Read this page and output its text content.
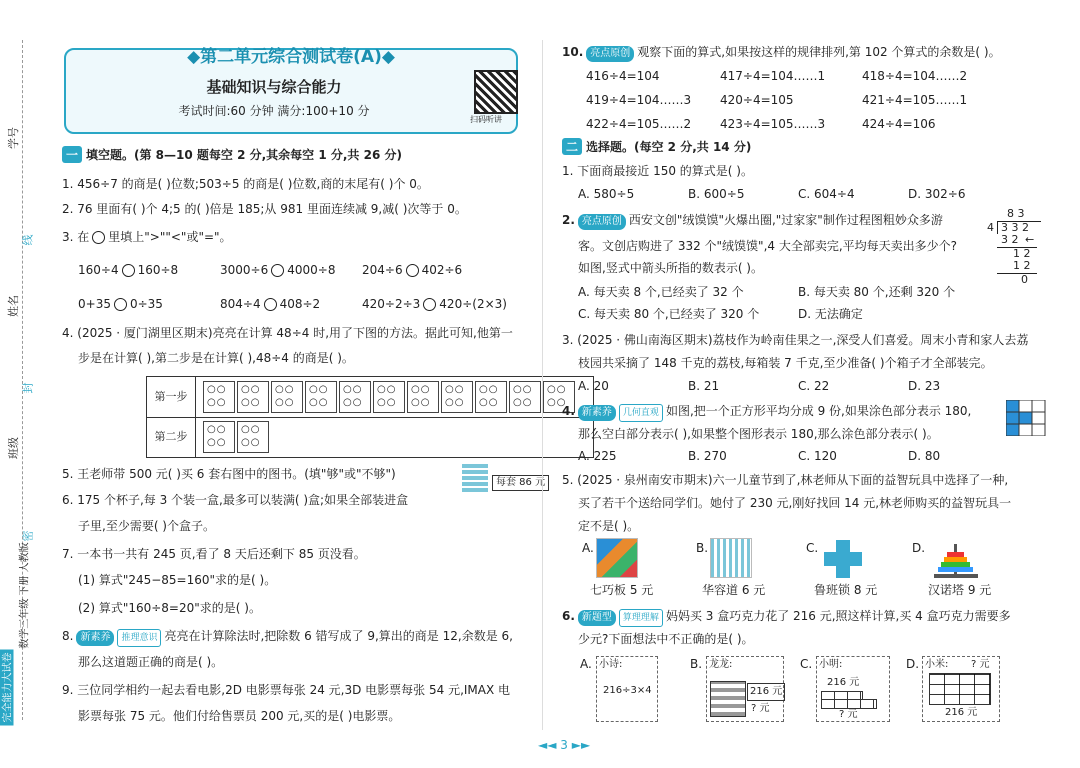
学号
姓名
班级
线
封
密
数学三年级 下册 人教版
完全能力大试卷
◆第二单元综合测试卷(A)◆
基础知识与综合能力
考试时间:60 分钟 满分:100+10 分
扫码听讲
一 填空题。(第 8—10 题每空 2 分,其余每空 1 分,共 26 分)
1. 456÷7 的商是( )位数;503÷5 的商是( )位数,商的末尾有( )个 0。
2. 76 里面有( )个 4;5 的( )倍是 185;从 981 里面连续减 9,减( )次等于 0。
3. 在 里填上">""<"或"="。
160÷4 160÷8	3000÷6 4000÷8 204÷6 402÷6
0+35 0÷35	804÷4 408÷2	420÷2÷3 420÷(2×3)
4. (2025 · 厦门湖里区期末)亮亮在计算 48÷4 时,用了下图的方法。据此可知,他第一
步是在计算( ),第二步是在计算( ),48÷4 的商是( )。
第一步
○○ ○○
○○ ○○
○○ ○○
○○ ○○
○○ ○○
○○ ○○
○○ ○○
○○ ○○
○○ ○○
○○ ○○
○○ ○○
第二步
○○ ○○
○○ ○○
5. 王老师带 500 元( )买 6 套右图中的图书。(填"够"或"不够")
每套 86 元
6. 175 个杯子,每 3 个装一盒,最多可以装满( )盒;如果全部装进盒
子里,至少需要( )个盒子。
7. 一本书一共有 245 页,看了 8 天后还剩下 85 页没看。
(1) 算式"245−85=160"求的是( )。
(2) 算式"160÷8=20"求的是( )。
8. 新素养 推理意识 亮亮在计算除法时,把除数 6 错写成了 9,算出的商是 12,余数是 6,
那么这道题正确的商是( )。
9. 三位同学相约一起去看电影,2D 电影票每张 24 元,3D 电影票每张 54 元,IMAX 电
影票每张 75 元。他们付给售票员 200 元,买的是( )电影票。
10. 亮点原创 观察下面的算式,如果按这样的规律排列,第 102 个算式的余数是( )。
416÷4=104	417÷4=104……1	418÷4=104……2
419÷4=104……3 420÷4=105	421÷4=105……1
422÷4=105……2 423÷4=105……3	424÷4=106
二 选择题。(每空 2 分,共 14 分)
1. 下面商最接近 150 的算式是( )。
A. 580÷5	B. 600÷5	C. 604÷4	D. 302÷6
2. 亮点原创 西安文创"绒馍馍"火爆出圈,"过家家"制作过程图粗妙众多游
客。文创店购进了 332 个"绒馍馍",4 大全部卖完,平均每天卖出多少个?
如图,竖式中箭头所指的数表示( )。
A. 每天卖 8 个,已经卖了 32 个	B. 每天卖 80 个,还剩 320 个
C. 每天卖 80 个,已经卖了 320 个	D. 无法确定
8 3
4 3 3 2
3 2 ←
1 2
1 2
0
3. (2025 · 佛山南海区期末)荔枝作为岭南佳果之一,深受人们喜爱。周末小青和家人去荔
枝园共采摘了 148 千克的荔枝,每箱装 7 千克,至少准备( )个箱子才全部装完。
A. 20	B. 21	C. 22	D. 23
4. 新素养 几何直观 如图,把一个正方形平均分成 9 份,如果涂色部分表示 180,
那么空白部分表示( ),如果整个图形表示 180,那么涂色部分表示( )。
A. 225	B. 270	C. 120	D. 80
5. (2025 · 泉州南安市期末)六一儿童节到了,林老师从下面的益智玩具中选择了一种,
买了若干个送给同学们。她付了 230 元,刚好找回 14 元,林老师购买的益智玩具一
定不是( )。
A.
七巧板 5 元
B.
华容道 6 元
C.
鲁班锁 8 元
D.
汉诺塔 9 元
6. 新题型 算理理解 妈妈买 3 盒巧克力花了 216 元,照这样计算,买 4 盒巧克力需要多
少元?下面想法中不正确的是( )。
A. 小诗:
216÷3×4
B. 龙龙:
216 元
? 元
C. 小明:
216 元
? 元
D. 小米: ? 元
216 元
◄◄ 3 ►►
